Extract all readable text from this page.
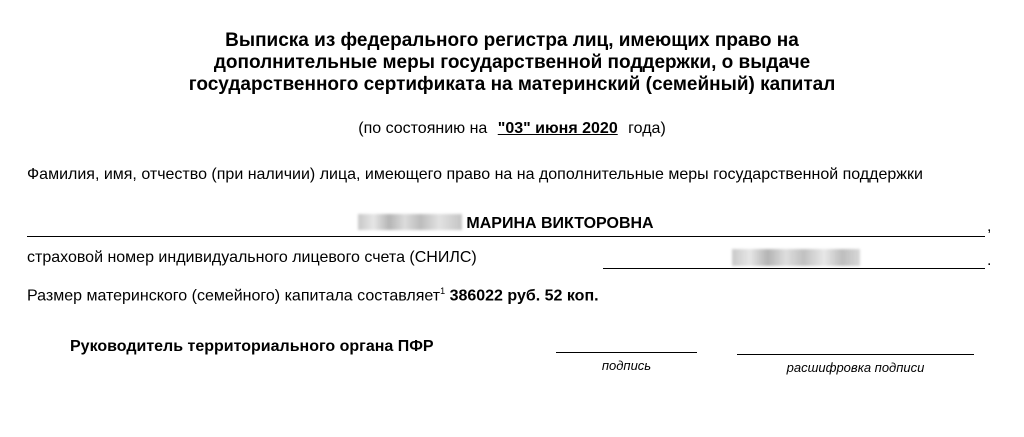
Выписка из федерального регистра лиц, имеющих право на
дополнительные меры государственной поддержки, о выдаче
государственного сертификата на материнский (семейный) капитал
(по состоянию на "03" июня 2020 года)
Фамилия, имя, отчество (при наличии) лица, имеющего право на на дополнительные меры государственной поддержки
МАРИНА ВИКТОРОВНА	,
страховой номер индивидуального лицевого счета (СНИЛС)	.
Размер материнского (семейного) капитала составляет$^1$ 386022 руб. 52 коп.
Руководитель территориального органа ПФР
подпись	расшифровка подписи
